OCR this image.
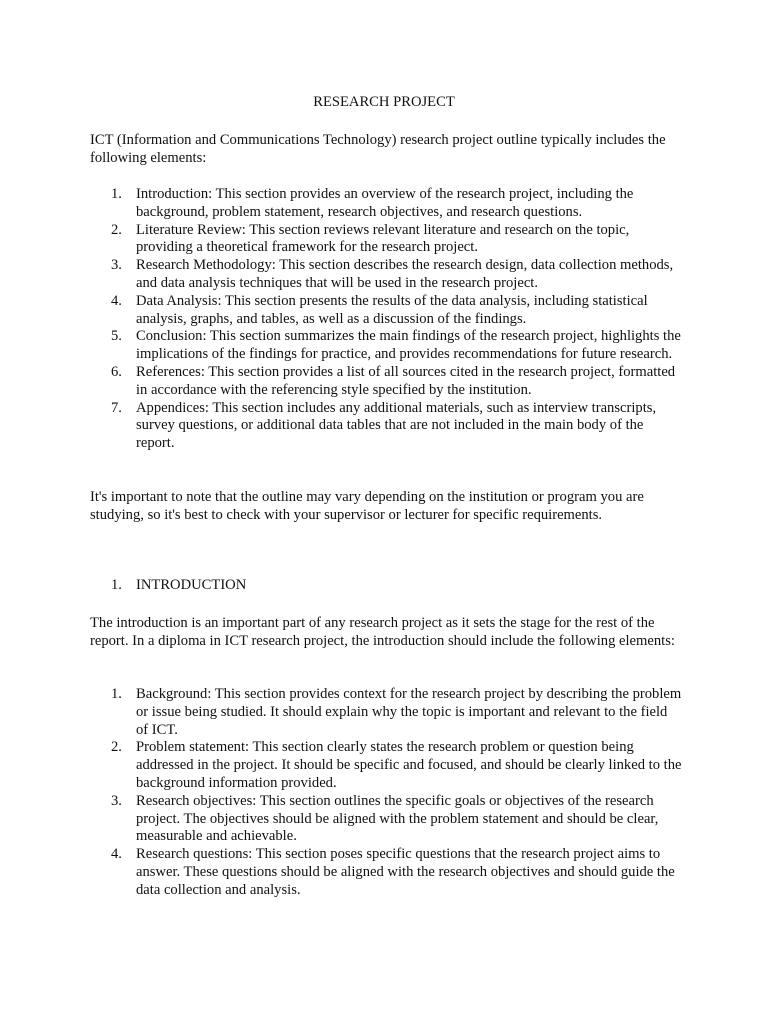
RESEARCH PROJECT

ICT (Information and Communications Technology) research project outline typically includes the following elements:

1. Introduction: This section provides an overview of the research project, including the background, problem statement, research objectives, and research questions.
2. Literature Review: This section reviews relevant literature and research on the topic, providing a theoretical framework for the research project.
3. Research Methodology: This section describes the research design, data collection methods, and data analysis techniques that will be used in the research project.
4. Data Analysis: This section presents the results of the data analysis, including statistical analysis, graphs, and tables, as well as a discussion of the findings.
5. Conclusion: This section summarizes the main findings of the research project, highlights the implications of the findings for practice, and provides recommendations for future research.
6. References: This section provides a list of all sources cited in the research project, formatted in accordance with the referencing style specified by the institution.
7. Appendices: This section includes any additional materials, such as interview transcripts, survey questions, or additional data tables that are not included in the main body of the report.

It's important to note that the outline may vary depending on the institution or program you are studying, so it's best to check with your supervisor or lecturer for specific requirements.

1. INTRODUCTION

The introduction is an important part of any research project as it sets the stage for the rest of the report. In a diploma in ICT research project, the introduction should include the following elements:

1. Background: This section provides context for the research project by describing the problem or issue being studied. It should explain why the topic is important and relevant to the field of ICT.
2. Problem statement: This section clearly states the research problem or question being addressed in the project. It should be specific and focused, and should be clearly linked to the background information provided.
3. Research objectives: This section outlines the specific goals or objectives of the research project. The objectives should be aligned with the problem statement and should be clear, measurable and achievable.
4. Research questions: This section poses specific questions that the research project aims to answer. These questions should be aligned with the research objectives and should guide the data collection and analysis.
